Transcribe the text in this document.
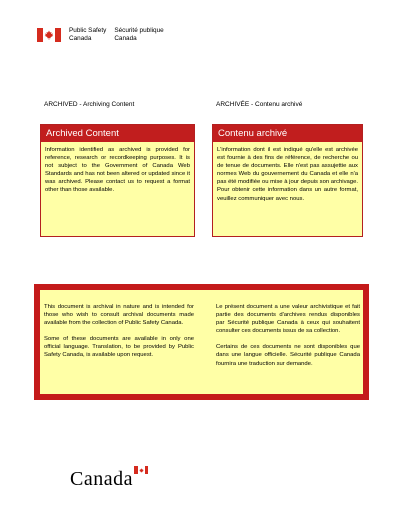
Public Safety
Canada
Sécurité publique
Canada
ARCHIVED - Archiving Content	ARCHIVÉE - Contenu archivé
Archived Content
Information identified as archived is provided for reference, research or recordkeeping purposes. It is not subject to the Government of Canada Web Standards and has not been altered or updated since it was archived. Please contact us to request a format other than those available.
Contenu archivé
L'information dont il est indiqué qu'elle est archivée est fournie à des fins de référence, de recherche ou de tenue de documents. Elle n'est pas assujettie aux normes Web du gouvernement du Canada et elle n'a pas été modifiée ou mise à jour depuis son archivage. Pour obtenir cette information dans un autre format, veuillez communiquer avec nous.

This document is archival in nature and is intended for those who wish to consult archival documents made available from the collection of Public Safety Canada.

Some of these documents are available in only one official language. Translation, to be provided by Public Safety Canada, is available upon request.

Le présent document a une valeur archivistique et fait partie des documents d'archives rendus disponibles par Sécurité publique Canada à ceux qui souhaitent consulter ces documents issus de sa collection.

Certains de ces documents ne sont disponibles que dans une langue officielle. Sécurité publique Canada fournira une traduction sur demande.

Canada
